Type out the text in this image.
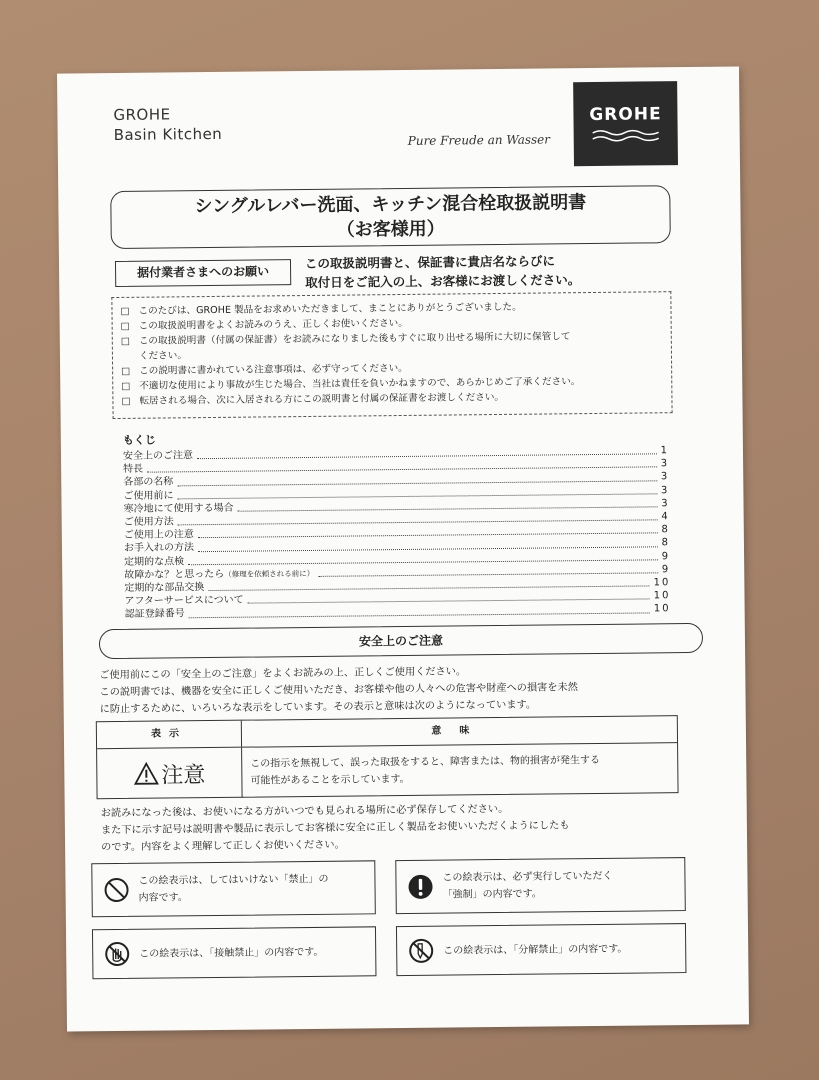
GROHE
Basin Kitchen	Pure Freude an Wasser
GROHE
シングルレバー洗面、キッチン混合栓取扱説明書
（お客様用）
据付業者さまへのお願い
この取扱説明書と、保証書に貴店名ならびに
取付日をご記入の上、お客様にお渡しください。
□ このたびは、GROHE 製品をお求めいただきまして、まことにありがとうございました。
□ この取扱説明書をよくお読みのうえ、正しくお使いください。
□ この取扱説明書（付属の保証書）をお読みになりました後もすぐに取り出せる場所に大切に保管して
ください。
□ この説明書に書かれている注意事項は、必ず守ってください。
□ 不適切な使用により事故が生じた場合、当社は責任を負いかねますので、あらかじめご了承ください。
□ 転居される場合、次に入居される方にこの説明書と付属の保証書をお渡しください。
もくじ
安全上のご注意	1
特長	3
各部の名称	3
ご使用前に	3
寒冷地にて使用する場合	3
ご使用方法	4
ご使用上の注意	8
お手入れの方法	8
定期的な点検	9
故障かな？と思ったら（修理を依頼される前に）	9
定期的な部品交換	10
アフターサービスについて	10
認証登録番号	10
安全上のご注意
ご使用前にこの「安全上のご注意」をよくお読みの上、正しくご使用ください。
この説明書では、機器を安全に正しくご使用いただき、お客様や他の人々への危害や財産への損害を未然
に防止するために、いろいろな表示をしています。その表示と意味は次のようになっています。
表示	意味
注意
この指示を無視して、誤った取扱をすると、障害または、物的損害が発生する
可能性があることを示しています。
お読みになった後は、お使いになる方がいつでも見られる場所に必ず保存してください。
また下に示す記号は説明書や製品に表示してお客様に安全に正しく製品をお使いいただくようにしたも
のです。内容をよく理解して正しくお使いください。
この絵表示は、してはいけない「禁止」の
内容です。
この絵表示は、必ず実行していただく
「強制」の内容です。
この絵表示は、「接触禁止」の内容です。	この絵表示は、「分解禁止」の内容です。
